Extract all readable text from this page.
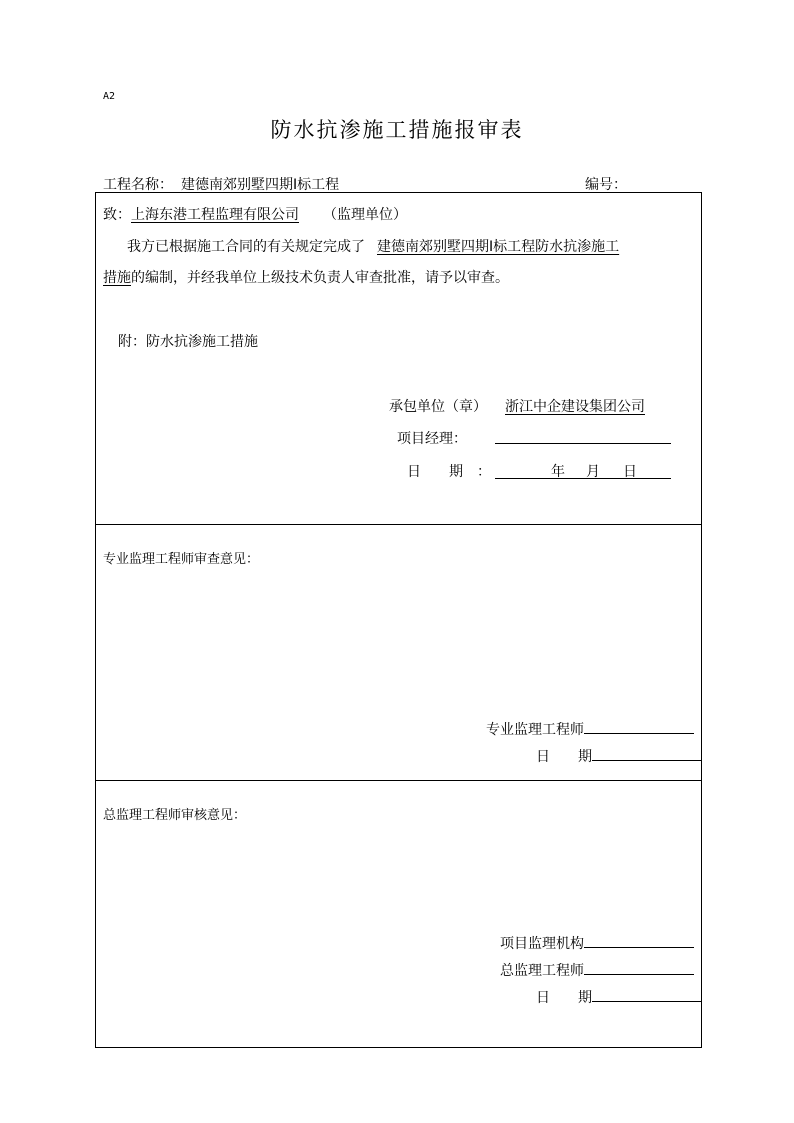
A2
防水抗渗施工措施报审表
工程名称： 建德南郊别墅四期Ⅰ标工程	编号：
致：上海东港工程监理有限公司 （监理单位）
我方已根据施工合同的有关规定完成了 建德南郊别墅四期Ⅰ标工程防水抗渗施工
措施的编制，并经我单位上级技术负责人审查批准，请予以审查。
附：防水抗渗施工措施
承包单位（章） 浙江中企建设集团公司
项目经理：
日　　期　：	年 月 日
专业监理工程师审查意见：
专业监理工程师
日　　期
总监理工程师审核意见：
项目监理机构
总监理工程师
日　　期
